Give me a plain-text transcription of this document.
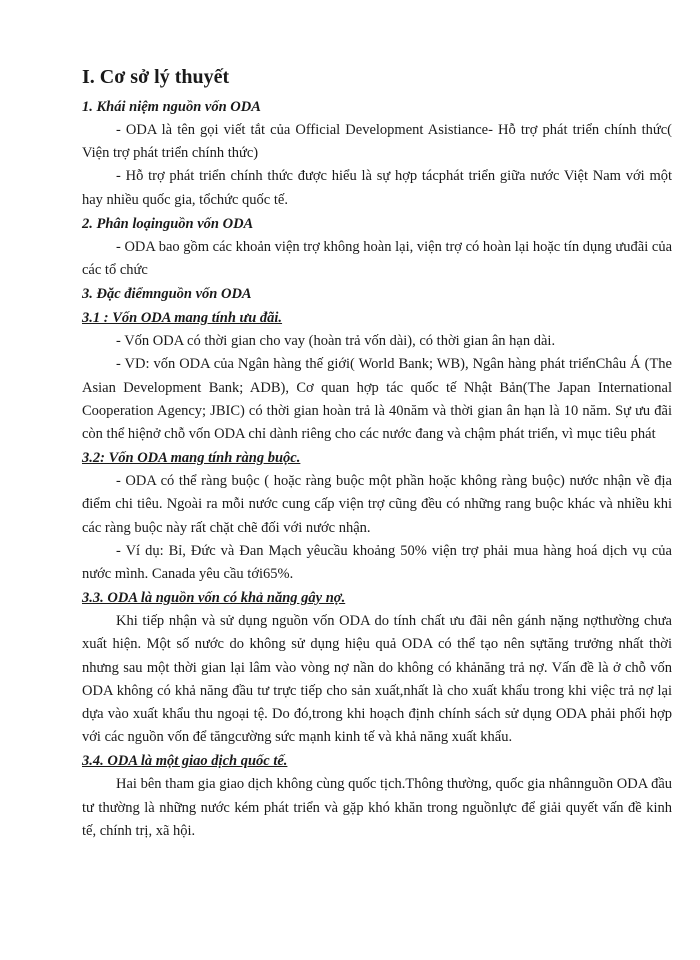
I. Cơ sở lý thuyết
1. Khái niệm nguồn vốn ODA

- ODA là tên gọi viết tắt của Official Development Asistiance- Hỗ trợ phát triển chính thức( Viện trợ phát triển chính thức)

- Hỗ trợ phát triển chính thức được hiểu là sự hợp tácphát triển giữa nước Việt Nam với một hay nhiều quốc gia, tổchức quốc tế.

2. Phân loạinguồn vốn ODA

- ODA bao gồm các khoản viện trợ không hoàn lại, viện trợ có hoàn lại hoặc tín dụng ưuđãi của các tổ chức

3. Đặc điểmnguồn vốn ODA
3.1 : Vốn ODA mang tính ưu đãi.

- Vốn ODA có thời gian cho vay (hoàn trả vốn dài), có thời gian ân hạn dài.

- VD: vốn ODA của Ngân hàng thế giới( World Bank; WB), Ngân hàng phát triểnChâu Á (The Asian Development Bank; ADB), Cơ quan hợp tác quốc tế Nhật Bản(The Japan International Cooperation Agency; JBIC) có thời gian hoàn trả là 40năm và thời gian ân hạn là 10 năm. Sự ưu đãi còn thể hiệnở chỗ vốn ODA chỉ dành riêng cho các nước đang và chậm phát triển, vì mục tiêu phát

3.2: Vốn ODA mang tính ràng buộc.

- ODA có thể ràng buộc ( hoặc ràng buộc một phần hoặc không ràng buộc) nước nhận về địa điểm chi tiêu. Ngoài ra mỗi nước cung cấp viện trợ cũng đều có những rang buộc khác và nhiều khi các ràng buộc này rất chặt chẽ đối với nước nhận.

- Ví dụ: Bỉ, Đức và Đan Mạch yêucầu khoảng 50% viện trợ phải mua hàng hoá dịch vụ của nước mình. Canada yêu cầu tới65%.

3.3. ODA là nguồn vốn có khả năng gây nợ.

Khi tiếp nhận và sử dụng nguồn vốn ODA do tính chất ưu đãi nên gánh nặng nợthường chưa xuất hiện. Một số nước do không sử dụng hiệu quả ODA có thể tạo nên sựtăng trưởng nhất thời nhưng sau một thời gian lại lâm vào vòng nợ nần do không có khảnăng trả nợ. Vấn đề là ở chỗ vốn ODA không có khả năng đầu tư trực tiếp cho sản xuất,nhất là cho xuất khẩu trong khi việc trả nợ lại dựa vào xuất khẩu thu ngoại tệ. Do đó,trong khi hoạch định chính sách sử dụng ODA phải phối hợp với các nguồn vốn để tăngcường sức mạnh kinh tế và khả năng xuất khẩu.

3.4. ODA là một giao dịch quốc tế.

Hai bên tham gia giao dịch không cùng quốc tịch.Thông thường, quốc gia nhânnguồn ODA đầu tư thường là những nước kém phát triển và gặp khó khăn trong nguồnlực để giải quyết vấn đề kinh tế, chính trị, xã hội.
